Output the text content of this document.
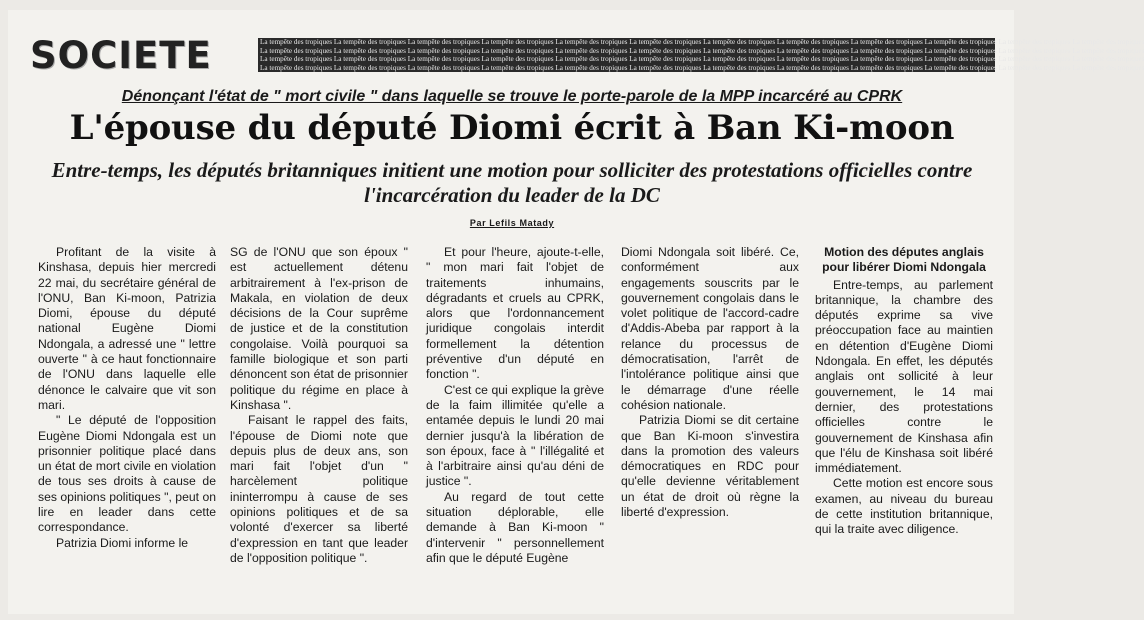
SOCIETE	La tempête des tropiques La tempête des tropiques La tempête des tropiques La tempête des tropiques La tempête des tropiques La tempête des tropiques La tempête des tropiques La tempête des tropiques La tempête des tropiques La tempête des tropiques La tempête des tropiques La tempête des tropiques
La tempête des tropiques La tempête des tropiques La tempête des tropiques La tempête des tropiques La tempête des tropiques La tempête des tropiques La tempête des tropiques La tempête des tropiques La tempête des tropiques La tempête des tropiques La tempête des tropiques La tempête des tropiques
La tempête des tropiques La tempête des tropiques La tempête des tropiques La tempête des tropiques La tempête des tropiques La tempête des tropiques La tempête des tropiques La tempête des tropiques La tempête des tropiques La tempête des tropiques La tempête des tropiques La tempête des tropiques
La tempête des tropiques La tempête des tropiques La tempête des tropiques La tempête des tropiques La tempête des tropiques La tempête des tropiques La tempête des tropiques La tempête des tropiques La tempête des tropiques La tempête des tropiques La tempête des tropiques La tempête des tropiques
Dénonçant l'état de " mort civile " dans laquelle se trouve le porte-parole de la MPP incarcéré au CPRK
L'épouse du député Diomi écrit à Ban Ki-moon
Entre-temps, les députés britanniques initient une motion pour solliciter des protestations officielles contre l'incarcération du leader de la DC
Par Lefils Matady

Profitant de la visite à Kinshasa, depuis hier mercredi 22 mai, du secrétaire général de l'ONU, Ban Ki-moon, Patrizia Diomi, épouse du député national Eugène Diomi Ndongala, a adressé une " lettre ouverte " à ce haut fonctionnaire de l'ONU dans laquelle elle dénonce le calvaire que vit son mari.

" Le député de l'opposition Eugène Diomi Ndongala est un prisonnier politique placé dans un état de mort civile en violation de tous ses droits à cause de ses opinions politiques ", peut on lire en leader dans cette correspondance.

Patrizia Diomi informe le

SG de l'ONU que son époux " est actuellement détenu arbitrairement à l'ex-prison de Makala, en violation de deux décisions de la Cour suprême de justice et de la constitution congolaise. Voilà pourquoi sa famille biologique et son parti dénoncent son état de prisonnier politique du régime en place à Kinshasa ".

Faisant le rappel des faits, l'épouse de Diomi note que depuis plus de deux ans, son mari fait l'objet d'un " harcèlement politique ininterrompu à cause de ses opinions politiques et de sa volonté d'exercer sa liberté d'expression en tant que leader de l'opposition politique ".

Et pour l'heure, ajoute-t-elle, " mon mari fait l'objet de traitements inhumains, dégradants et cruels au CPRK, alors que l'ordonnancement juridique congolais interdit formellement la détention préventive d'un député en fonction ".

C'est ce qui explique la grève de la faim illimitée qu'elle a entamée depuis le lundi 20 mai dernier jusqu'à la libération de son époux, face à " l'illégalité et à l'arbitraire ainsi qu'au déni de justice ".

Au regard de tout cette situation déplorable, elle demande à Ban Ki-moon " d'intervenir " personnellement afin que le député Eugène

Diomi Ndongala soit libéré. Ce, conformément aux engagements souscrits par le gouvernement congolais dans le volet politique de l'accord-cadre d'Addis-Abeba par rapport à la relance du processus de démocratisation, l'arrêt de l'intolérance politique ainsi que le démarrage d'une réelle cohésion nationale.

Patrizia Diomi se dit certaine que Ban Ki-moon s'investira dans la promotion des valeurs démocratiques en RDC pour qu'elle devienne véritablement un état de droit où règne la liberté d'expression.

Motion des députes anglais pour libérer Diomi Ndongala

Entre-temps, au parlement britannique, la chambre des députés exprime sa vive préoccupation face au maintien en détention d'Eugène Diomi Ndongala. En effet, les députés anglais ont sollicité à leur gouvernement, le 14 mai dernier, des protestations officielles contre le gouvernement de Kinshasa afin que l'élu de Kinshasa soit libéré immédiatement.

Cette motion est encore sous examen, au niveau du bureau de cette institution britannique, qui la traite avec diligence.
